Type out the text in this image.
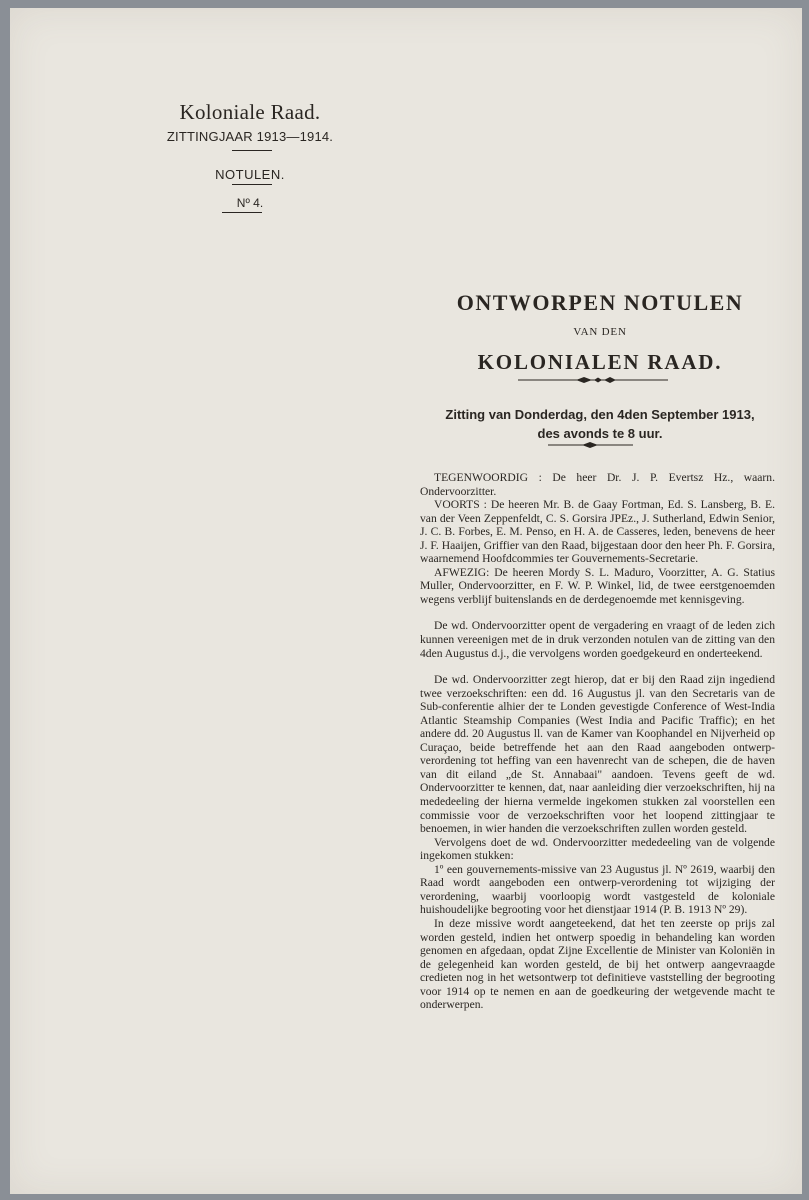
Koloniale Raad.
ZITTINGJAAR 1913—1914.
NOTULEN.
Nº 4.
ONTWORPEN NOTULEN
VAN DEN
KOLONIALEN RAAD.
Zitting van Donderdag, den 4den September 1913,
des avonds te 8 uur.

TEGENWOORDIG : De heer Dr. J. P. Evertsz Hz., waarn. Ondervoorzitter.

VOORTS : De heeren Mr. B. de Gaay Fortman, Ed. S. Lansberg, B. E. van der Veen Zeppenfeldt, C. S. Gorsira JPEz., J. Sutherland, Edwin Senior, J. C. B. Forbes, E. M. Penso, en H. A. de Casseres, leden, benevens de heer J. F. Haaijen, Griffier van den Raad, bijgestaan door den heer Ph. F. Gorsira, waarnemend Hoofdcommies ter Gouvernements-Secretarie.

AFWEZIG: De heeren Mordy S. L. Maduro, Voorzitter, A. G. Statius Muller, Ondervoorzitter, en F. W. P. Winkel, lid, de twee eerstgenoemden wegens verblijf buitenslands en de derdegenoemde met kennisgeving.

De wd. Ondervoorzitter opent de vergadering en vraagt of de leden zich kunnen vereenigen met de in druk verzonden notulen van de zitting van den 4den Augustus d.j., die vervolgens worden goedgekeurd en onderteekend.

De wd. Ondervoorzitter zegt hierop, dat er bij den Raad zijn ingediend twee verzoekschriften: een dd. 16 Augustus jl. van den Secretaris van de Sub-conferentie alhier der te Londen gevestigde Conference of West-India Atlantic Steamship Companies (West India and Pacific Traffic); en het andere dd. 20 Augustus ll. van de Kamer van Koophandel en Nijverheid op Curaçao, beide betreffende het aan den Raad aangeboden ontwerp-verordening tot heffing van een havenrecht van de schepen, die de haven van dit eiland „de St. Annabaai" aandoen. Tevens geeft de wd. Ondervoorzitter te kennen, dat, naar aanleiding dier verzoekschriften, hij na mededeeling der hierna vermelde ingekomen stukken zal voorstellen een commissie voor de verzoekschriften voor het loopend zittingjaar te benoemen, in wier handen die verzoekschriften zullen worden gesteld.

Vervolgens doet de wd. Ondervoorzitter mededeeling van de volgende ingekomen stukken:

1º een gouvernements-missive van 23 Augustus jl. Nº 2619, waarbij den Raad wordt aangeboden een ontwerp-verordening tot wijziging der verordening, waarbij voorloopig wordt vastgesteld de koloniale huishoudelijke begrooting voor het dienstjaar 1914 (P. B. 1913 Nº 29).

In deze missive wordt aangeteekend, dat het ten zeerste op prijs zal worden gesteld, indien het ontwerp spoedig in behandeling kan worden genomen en afgedaan, opdat Zijne Excellentie de Minister van Koloniën in de gelegenheid kan worden gesteld, de bij het ontwerp aangevraagde credieten nog in het wetsontwerp tot definitieve vaststelling der begrooting voor 1914 op te nemen en aan de goedkeuring der wetgevende macht te onderwerpen.
